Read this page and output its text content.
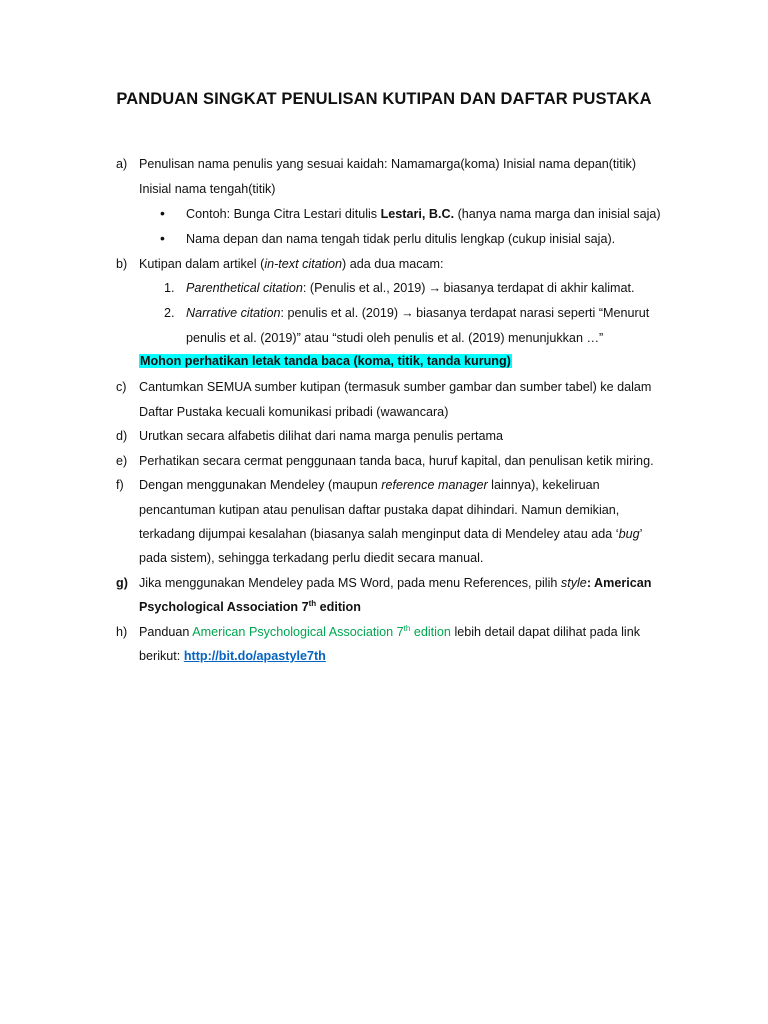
PANDUAN SINGKAT PENULISAN KUTIPAN DAN DAFTAR PUSTAKA
a) Penulisan nama penulis yang sesuai kaidah: Namamarga(koma) Inisial nama depan(titik)
Inisial nama tengah(titik)
• Contoh: Bunga Citra Lestari ditulis Lestari, B.C. (hanya nama marga dan inisial saja)
• Nama depan dan nama tengah tidak perlu ditulis lengkap (cukup inisial saja).
b) Kutipan dalam artikel (in-text citation) ada dua macam:
1. Parenthetical citation: (Penulis et al., 2019) → biasanya terdapat di akhir kalimat.
2. Narrative citation: penulis et al. (2019) → biasanya terdapat narasi seperti “Menurut
penulis et al. (2019)” atau “studi oleh penulis et al. (2019) menunjukkan …”
Mohon perhatikan letak tanda baca (koma, titik, tanda kurung)
c) Cantumkan SEMUA sumber kutipan (termasuk sumber gambar dan sumber tabel) ke dalam
Daftar Pustaka kecuali komunikasi pribadi (wawancara)
d) Urutkan secara alfabetis dilihat dari nama marga penulis pertama
e) Perhatikan secara cermat penggunaan tanda baca, huruf kapital, dan penulisan ketik miring.
f) Dengan menggunakan Mendeley (maupun reference manager lainnya), kekeliruan
pencantuman kutipan atau penulisan daftar pustaka dapat dihindari. Namun demikian,
terkadang dijumpai kesalahan (biasanya salah menginput data di Mendeley atau ada ‘bug’
pada sistem), sehingga terkadang perlu diedit secara manual.
g) Jika menggunakan Mendeley pada MS Word, pada menu References, pilih style: American
Psychological Association 7th edition
h) Panduan American Psychological Association 7th edition lebih detail dapat dilihat pada link
berikut: http://bit.do/apastyle7th
